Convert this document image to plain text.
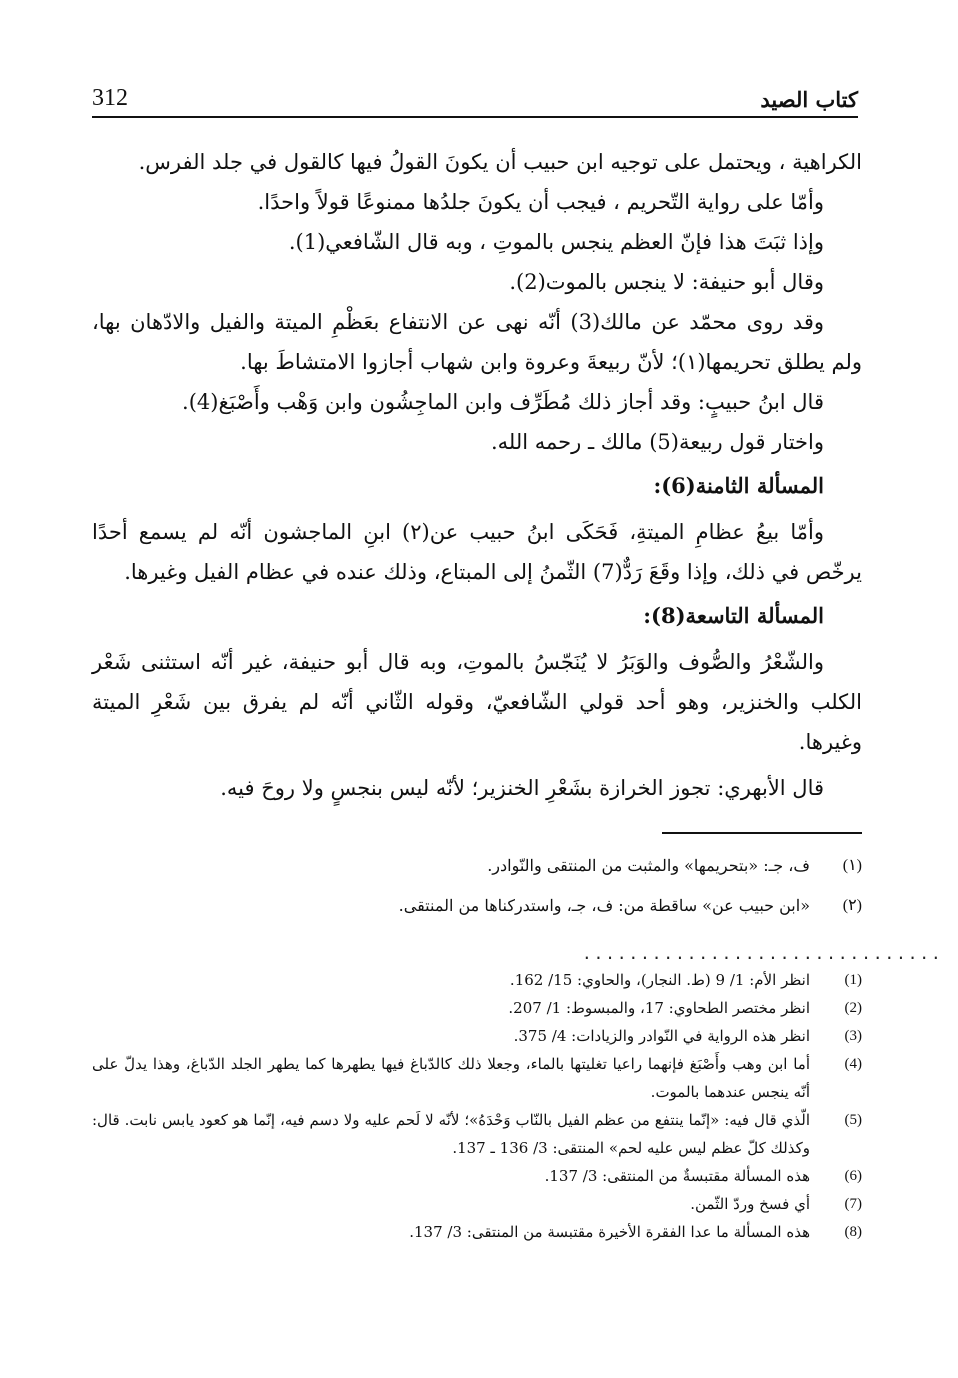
كتاب الصيد
312

الكراهية ، ويحتمل على توجيه ابن حبيب أن يكونَ القولُ فيها كالقول في جلد الفرس.

وأمّا على رواية التّحريم ، فيجب أن يكونَ جلدُها ممنوعًا قولاً واحدًا.

وإذا ثبَتَ هذا فإنّ العظم ينجس بالموتِ ، وبه قال الشّافعي(1).

وقال أبو حنيفة: لا ينجس بالموت(2).

وقد روى محمّد عن مالك(3) أنّه نهى عن الانتفاع بعَظْمِ الميتة والفيل والادّهان بها، ولم يطلق تحريمها(١)؛ لأنّ ربيعةَ وعروة وابن شهاب أجازوا الامتشاطَ بها.

قال ابنُ حبيبٍ: وقد أجاز ذلك مُطَرِّف وابن الماجِشُون وابن وَهْب وأَصْبَغ(4).

واختار قول ربيعة(5) مالك ـ رحمه الله.

المسألة الثامنة(6):

وأمّا بيعُ عظامِ الميتةِ، فَحَكَى ابنُ حبيب عن(٢) ابنِ الماجشون أنّه لم يسمع أحدًا يرخّص في ذلك، وإذا وقَعَ رَدٌّ(7) الثّمنُ إلى المبتاع، وذلك عنده في عظام الفيل وغيرها.

المسألة التاسعة(8):

والشّعْرُ والصُّوف والوَبَرُ لا يُنَجّسُ بالموتِ، وبه قال أبو حنيفة، غير أنّه استثنى شَعْر الكلب والخنزير، وهو أحد قولي الشّافعيّ، وقوله الثّاني أنّه لم يفرق بين شَعْرِ الميتة وغيرها.

قال الأبهري: تجوز الخرازة بشَعْرِ الخنزير؛ لأنّه ليس بنجسٍ ولا روحَ فيه.

(١)
ف، جـ: «بتحريمها» والمثبت من المنتقى والنّوادر.
(٢)
«ابن حبيب عن» ساقطة من: ف، جـ، واستدركناها من المنتقى.
...............................
(1)
انظر الأم: 1/ 9 (ط. النجار)، والحاوي: 15/ 162.
(2)
انظر مختصر الطحاوي: 17، والمبسوط: 1/ 207.
(3)
انظر هذه الرواية في النّوادر والزيادات: 4/ 375.
(4)
أما ابن وهب وأَصْبَغ فإنهما راعيا تغليتها بالماء، وجعلا ذلك كالدّباغ فيها يطهرها كما يطهر الجلد الدّباغ، وهذا يدلّ على أنّه ينجس عندهما بالموت.
(5)
الّذي قال فيه: «إنّما ينتفع من عظم الفيل بالنّاب وَحْدَهُ»؛ لأنّه لا لَحم عليه ولا دسم فيه، إنّما هو كعود يابس نابت. قال: وكذلك كلّ عظم ليس عليه لحم» المنتقى: 3/ 136 ـ 137.
(6)
هذه المسألة مقتبسةٌ من المنتقى: 3/ 137.
(7)
أي فسخ وردّ الثّمن.
(8)
هذه المسألة ما عدا الفقرة الأخيرة مقتبسة من المنتقى: 3/ 137.
